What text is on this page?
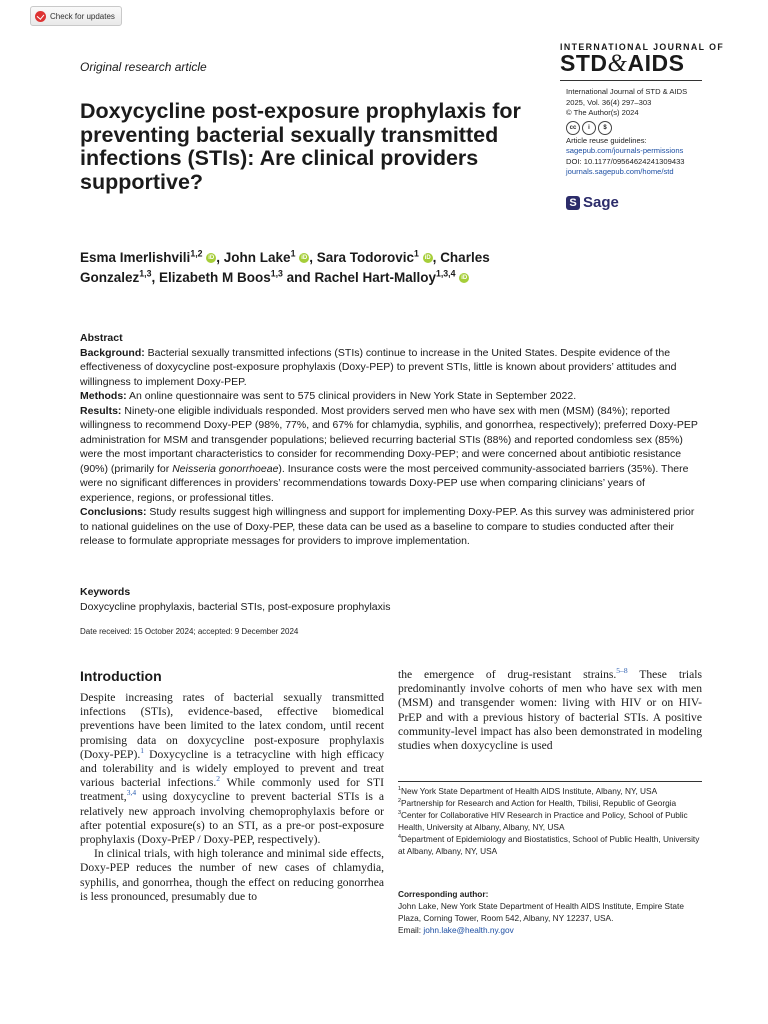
Check for updates
Original research article
INTERNATIONAL JOURNAL OF
STD&AIDS
Doxycycline post-exposure prophylaxis for preventing bacterial sexually transmitted infections (STIs): Are clinical providers supportive?
International Journal of STD & AIDS
2025, Vol. 36(4) 297–303
© The Author(s) 2024
cc	i	$
Article reuse guidelines:
sagepub.com/journals-permissions
DOI: 10.1177/09564624241309433
journals.sagepub.com/home/std
S Sage
Esma Imerlishvili$^{1,2}$ iD , John Lake$^1$ iD , Sara Todorovic$^1$ iD , Charles Gonzalez$^{1,3}$, Elizabeth M Boos$^{1,3}$ and Rachel Hart-Malloy$^{1,3,4}$ iD

Abstract

Background: Bacterial sexually transmitted infections (STIs) continue to increase in the United States. Despite evidence of the effectiveness of doxycycline post-exposure prophylaxis (Doxy-PEP) to prevent STIs, little is known about providers’ attitudes and willingness to implement Doxy-PEP.

Methods: An online questionnaire was sent to 575 clinical providers in New York State in September 2022.

Results: Ninety-one eligible individuals responded. Most providers served men who have sex with men (MSM) (84%); reported willingness to recommend Doxy-PEP (98%, 77%, and 67% for chlamydia, syphilis, and gonorrhea, respectively); preferred Doxy-PEP administration for MSM and transgender populations; believed recurring bacterial STIs (88%) and reported condomless sex (85%) were the most important characteristics to consider for recommending Doxy-PEP; and were concerned about antibiotic resistance (90%) (primarily for Neisseria gonorrhoeae). Insurance costs were the most perceived community-associated barriers (35%). There were no significant differences in providers’ recommendations towards Doxy-PEP use when comparing clinicians’ years of experience, regions, or professional titles.

Conclusions: Study results suggest high willingness and support for implementing Doxy-PEP. As this survey was administered prior to national guidelines on the use of Doxy-PEP, these data can be used as a baseline to compare to studies conducted after their release to formulate appropriate messages for providers to improve implementation.

Keywords
Doxycycline prophylaxis, bacterial STIs, post-exposure prophylaxis
Date received: 15 October 2024; accepted: 9 December 2024
Introduction

Despite increasing rates of bacterial sexually transmitted infections (STIs), evidence-based, effective biomedical preventions have been limited to the latex condom, until recent promising data on doxycycline post-exposure prophylaxis (Doxy-PEP).$^1$ Doxycycline is a tetracycline with high efficacy and tolerability and is widely employed to prevent and treat various bacterial infections.$^2$ While commonly used for STI treatment,$^{3,4}$ using doxycycline to prevent bacterial STIs is a relatively new approach involving chemoprophylaxis before or after potential exposure(s) to an STI, as a pre-or post-exposure prophylaxis (Doxy-PrEP / Doxy-PEP, respectively).

In clinical trials, with high tolerance and minimal side effects, Doxy-PEP reduces the number of new cases of chlamydia, syphilis, and gonorrhea, though the effect on reducing gonorrhea is less pronounced, presumably due to

the emergence of drug-resistant strains.$^{5-8}$ These trials predominantly involve cohorts of men who have sex with men (MSM) and transgender women: living with HIV or on HIV-PrEP and with a previous history of bacterial STIs. A positive community-level impact has also been demonstrated in modeling studies when doxycycline is used

$^1$New York State Department of Health AIDS Institute, Albany, NY, USA
$^2$Partnership for Research and Action for Health, Tbilisi, Republic of Georgia
$^3$Center for Collaborative HIV Research in Practice and Policy, School of Public Health, University at Albany, Albany, NY, USA
$^4$Department of Epidemiology and Biostatistics, School of Public Health, University at Albany, Albany, NY, USA
Corresponding author:
John Lake, New York State Department of Health AIDS Institute, Empire State Plaza, Corning Tower, Room 542, Albany, NY 12237, USA.
Email: john.lake@health.ny.gov
